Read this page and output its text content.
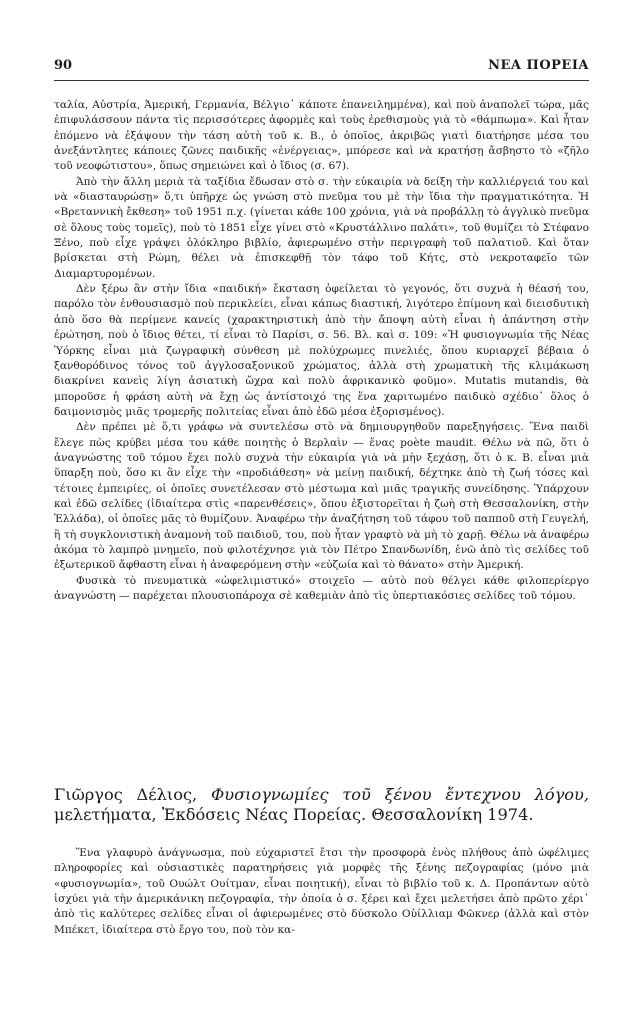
90	ΝΕΑ ΠΟΡΕΙΑ

ταλία, Αὐστρία, Ἀμερική, Γερμανία, Βέλγιο᾽ κάποτε ἐπανειλημμένα), καὶ ποὺ ἀναπολεῖ τώρα, μᾶς ἐπιφυλάσσουν πάντα τὶς περισσότερες ἀφορμὲς καὶ τοὺς ἐρεθισμοὺς γιὰ τὸ «θάμπωμα». Καὶ ἦταν ἑπόμενο νὰ ἐξάψουν τὴν τάση αὐτὴ τοῦ κ. Β., ὁ ὁποῖος, ἀκριβῶς γιατὶ διατήρησε μέσα του ἀνεξάντλητες κάποιες ζῶνες παιδικῆς «ἐνέργειας», μπόρεσε καὶ νὰ κρατήσῃ ἄσβηστο τὸ «ζῆλο τοῦ νεοφώτιστου», ὅπως σημειώνει καὶ ὁ ἴδιος (σ. 67).

Ἀπὸ τὴν ἄλλη μεριὰ τὰ ταξίδια ἔδωσαν στὸ σ. τὴν εὐκαιρία νὰ δείξη τὴν καλλιέργειά του καὶ νὰ «διασταυρώσῃ» ὅ,τι ὑπῆρχε ὡς γνώση στὸ πνεῦμα του μὲ τὴν ἴδια τὴν πραγματικότητα. Ἡ «Βρεταννικὴ ἔκθεση» τοῦ 1951 π.χ. (γίνεται κάθε 100 χρόνια, γιὰ νὰ προβάλλῃ τὸ ἀγγλικὸ πνεῦμα σὲ ὅλους τοὺς τομεῖς), ποὺ τὸ 1851 εἶχε γίνει στὸ «Κρυστάλλινο παλάτι», τοῦ θυμίζει τὸ Στέφανο Ξένο, ποὺ εἶχε γράψει ὁλόκληρο βιβλίο, ἀφιερωμένο στὴν περιγραφὴ τοῦ παλατιοῦ. Καὶ ὅταν βρίσκεται στὴ Ρώμη, θέλει νὰ ἐπισκεφθῇ τὸν τάφο τοῦ Κήτς, στὸ νεκροταφεῖο τῶν Διαμαρτυρομένων.

Δὲν ξέρω ἂν στὴν ἴδια «παιδική» ἔκσταση ὀφείλεται τὸ γεγονός, ὅτι συχνὰ ἡ θέασή του, παρόλο τὸν ἐνθουσιασμὸ ποὺ περικλείει, εἶναι κάπως διαστική, λιγότερο ἐπίμονη καὶ διεισδυτικὴ ἀπὸ ὅσο θὰ περίμενε κανείς (χαρακτηριστικὴ ἀπὸ τὴν ἄποψη αὐτὴ εἶναι ἡ ἀπάντηση στὴν ἐρώτηση, ποὺ ὁ ἴδιος θέτει, τί εἶναι τὸ Παρίσι, σ. 56. Βλ. καὶ σ. 109: «Ἡ φυσιογνωμία τῆς Νέας Ὑόρκης εἶναι μιὰ ζωγραφικὴ σύνθεση μὲ πολύχρωμες πινελιές, ὅπου κυριαρχεῖ βέβαια ὁ ξανθορόδινος τόνος τοῦ ἀγγλοσαξονικοῦ χρώματος, ἀλλὰ στὴ χρωματικὴ τῆς κλιμάκωση διακρίνει κανεὶς λίγη ἀσιατικὴ ὤχρα καὶ πολὺ ἀφρικανικὸ φοῦμο». Mutatis mutandis, θὰ μποροῦσε ἡ φράση αὐτὴ νὰ ἔχῃ ὡς ἀντίστοιχό της ἕνα χαριτωμένο παιδικὸ σχέδιο᾽ ὅλος ὁ δαιμονισμὸς μιᾶς τρομερῆς πολιτείας εἶναι ἀπὸ ἐδῶ μέσα ἐξορισμένος).

Δὲν πρέπει μὲ ὅ,τι γράφω νὰ συντελέσω στὸ νὰ δημιουργηθοῦν παρεξηγήσεις. Ἕνα παιδὶ ἔλεγε πὼς κρύβει μέσα του κάθε ποιητὴς ὁ Βερλαὶν — ἕνας poète maudit. Θέλω νὰ πῶ, ὅτι ὁ ἀναγνώστης τοῦ τόμου ἔχει πολὺ συχνὰ τὴν εὐκαιρία γιὰ νὰ μὴν ξεχάσῃ, ὅτι ὁ κ. Β. εἶναι μιὰ ὕπαρξη ποὺ, ὅσο κι ἂν εἶχε τὴν «προδιάθεση» νὰ μείνῃ παιδική, δέχτηκε ἀπὸ τὴ ζωή τόσες καὶ τέτοιες ἐμπειρίες, οἱ ὁποῖες συνετέλεσαν στὸ μέστωμα καὶ μιᾶς τραγικῆς συνείδησης. Ὑπάρχουν καὶ ἐδῶ σελίδες (ἰδιαίτερα στὶς «παρενθέσεις», ὅπου ἐξιστορεῖται ἡ ζωὴ στὴ Θεσσαλονίκη, στὴν Ἑλλάδα), οἱ ὁποῖες μᾶς τὸ θυμίζουν. Ἀναφέρω τὴν ἀναζήτηση τοῦ τάφου τοῦ παπποῦ στὴ Γευγελή, ἢ τὴ συγκλονιστικὴ ἀναμονὴ τοῦ παιδιοῦ, του, ποὺ ἦταν γραφτὸ νὰ μὴ τὸ χαρῇ. Θέλω νὰ ἀναφέρω ἀκόμα τὸ λαμπρὸ μνημεῖο, ποὺ φιλοτέχνησε γιὰ τὸν Πέτρο Σπανδωνίδη, ἐνῶ ἀπὸ τὶς σελίδες τοῦ ἐξωτερικοῦ ἄφθαστη εἶναι ἡ ἀναφερόμενη στὴν «εὐζωία καὶ τὸ θάνατο» στὴν Ἀμερική.

Φυσικὰ τὸ πνευματικὰ «ὠφελιμιστικό» στοιχεῖο — αὐτὸ ποὺ θέλγει κάθε φιλοπερίεργο ἀναγνώστη — παρέχεται πλουσιοπάροχα σὲ καθεμιὰν ἀπὸ τὶς ὑπερτιακόσιες σελίδες τοῦ τόμου.

Γιῶργος Δέλιος, Φυσιογνωμίες τοῦ ξένου ἔντεχνου λόγου, μελετήματα, Ἐκδόσεις Νέας Πορείας. Θεσσαλονίκη 1974.

Ἕνα γλαφυρὸ ἀνάγνωσμα, ποὺ εὐχαριστεῖ ἔτσι τὴν προσφορὰ ἑνὸς πλήθους ἀπὸ ὠφέλιμες πληροφορίες καὶ οὐσιαστικὲς παρατηρήσεις γιὰ μορφὲς τῆς ξένης πεζογραφίας (μόνο μιὰ «φυσιογνωμία», τοῦ Ουώλτ Ουίτμαν, εἶναι ποιητική), εἶναι τὸ βιβλίο τοῦ κ. Δ. Προπάντων αὐτὸ ἰσχύει γιὰ τὴν ἀμερικάνικη πεζογραφία, τὴν ὁποία ὁ σ. ξέρει καὶ ἔχει μελετήσει ἀπὸ πρῶτο χέρι᾽ ἀπὸ τὶς καλύτερες σελίδες εἶναι οἱ ἀφιερωμένες στὸ δύσκολο Οὐίλλιαμ Φῶκνερ (ἀλλὰ καὶ στὸν Μπέκετ, ἰδιαίτερα στὸ ἔργο του, ποὺ τὸν κα-
